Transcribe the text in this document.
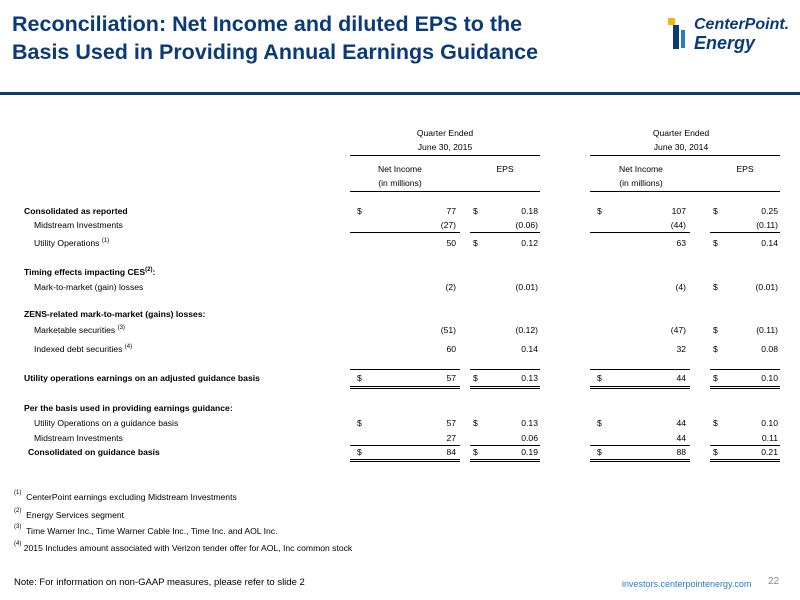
Reconciliation: Net Income and diluted EPS to the
Basis Used in Providing Annual Earnings Guidance
CenterPoint.
Energy
Quarter Ended
June 30, 2015
Quarter Ended
June 30, 2014
Net Income
(in millions)
EPS	Net Income
(in millions)
EPS
Consolidated as reported	$	77 $	0.18	$	107	$	0.25
Midstream Investments	(27)	(0.06)	(44)	(0.11)
Utility Operations $^{(1)}$	50 $	0.12	63	$	0.14
Timing effects impacting CES$^{(2)}$:
Mark-to-market (gain) losses	(2)	(0.01)	(4)	$	(0.01)
ZENS-related mark-to-market (gains) losses:
Marketable securities $^{(3)}$	(51)	(0.12)	(47)	$	(0.11)
Indexed debt securities $^{(4)}$	60	0.14	32	$	0.08
Utility operations earnings on an adjusted guidance basis	$	57 $	0.13	$	44	$	0.10
Per the basis used in providing earnings guidance:
Utility Operations on a guidance basis	$	57 $	0.13	$	44	$	0.10
Midstream Investments	27	0.06	44	0.11
Consolidated on guidance basis	$	84 $	0.19	$	88	$	0.21
$^{(1)}$ CenterPoint earnings excluding Midstream Investments
$^{(2)}$ Energy Services segment
$^{(3)}$ Time Warner Inc., Time Warner Cable Inc., Time Inc. and AOL Inc.
$^{(4)}$ 2015 Includes amount associated with Verizon tender offer for AOL, Inc common stock
Note: For information on non-GAAP measures, please refer to slide 2	investors.centerpointenergy.com 22
